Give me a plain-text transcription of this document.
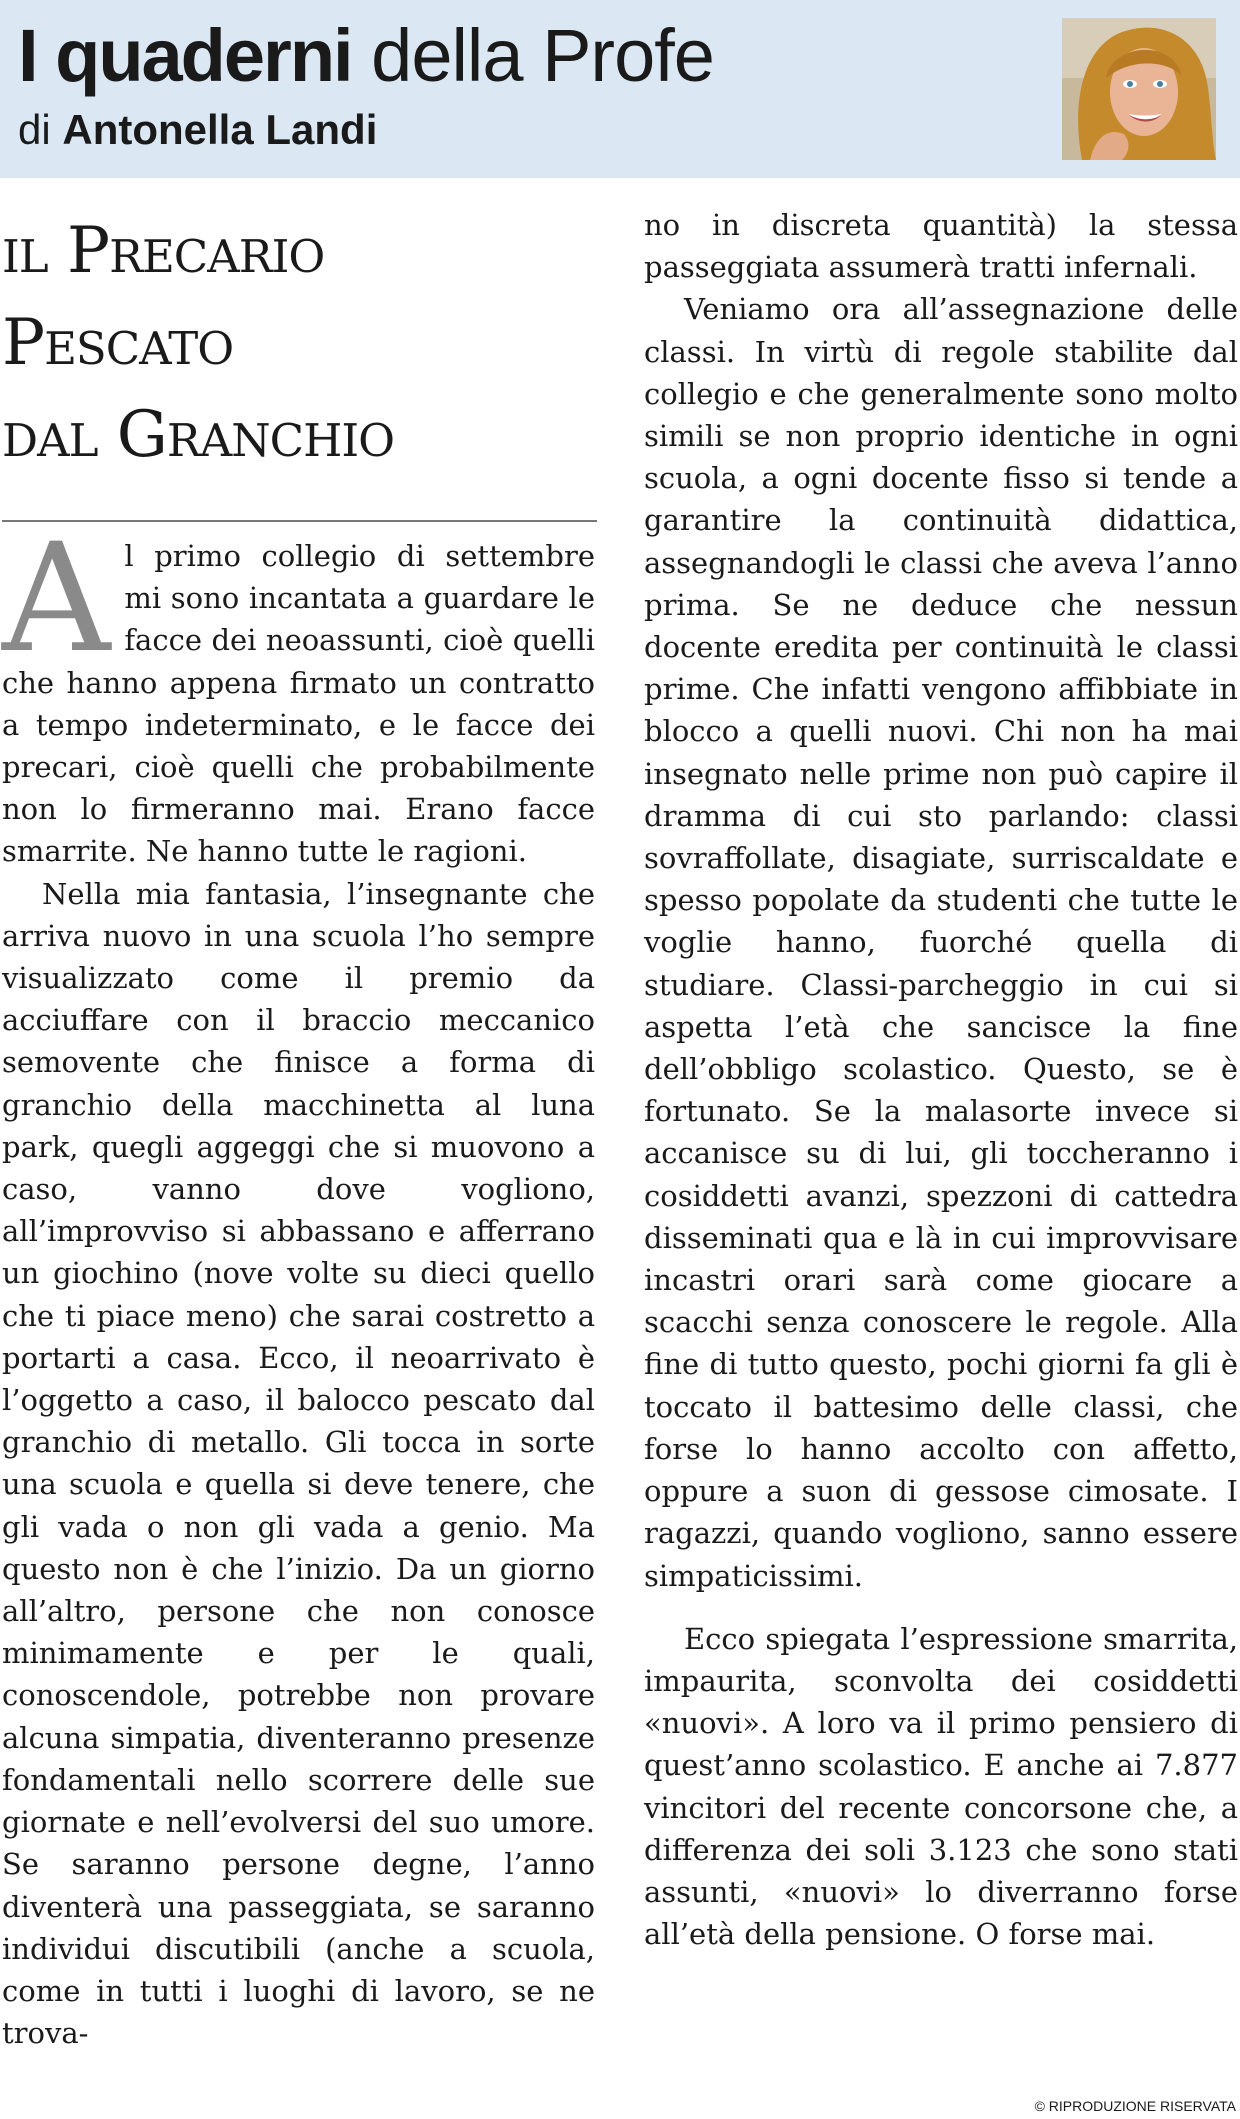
I quaderni della Profe

di Antonella Landi

il Precario
Pescato
dal Granchio

Al primo collegio di settembre mi sono incantata a guardare le facce dei neoassunti, cioè quelli che hanno appena firmato un contratto a tempo indeterminato, e le facce dei precari, cioè quelli che probabilmente non lo firmeranno mai. Erano facce smarrite. Ne hanno tutte le ragioni.

Nella mia fantasia, l’insegnante che arriva nuovo in una scuola l’ho sempre visualizzato come il premio da acciuffare con il braccio meccanico semovente che finisce a forma di granchio della macchinetta al luna park, quegli aggeggi che si muovono a caso, vanno dove vogliono, all’improvviso si abbassano e afferrano un giochino (nove volte su dieci quello che ti piace meno) che sarai costretto a portarti a casa. Ecco, il neoarrivato è l’oggetto a caso, il balocco pescato dal granchio di metallo. Gli tocca in sorte una scuola e quella si deve tenere, che gli vada o non gli vada a genio. Ma questo non è che l’inizio. Da un giorno all’altro, persone che non conosce minimamente e per le quali, conoscendole, potrebbe non provare alcuna simpatia, diventeranno presenze fondamentali nello scorrere delle sue giornate e nell’evolversi del suo umore. Se saranno persone degne, l’anno diventerà una passeggiata, se saranno individui discutibili (anche a scuola, come in tutti i luoghi di lavoro, se ne trova-

no in discreta quantità) la stessa passeggiata assumerà tratti infernali.

Veniamo ora all’assegnazione delle classi. In virtù di regole stabilite dal collegio e che generalmente sono molto simili se non proprio identiche in ogni scuola, a ogni docente fisso si tende a garantire la continuità didattica, assegnandogli le classi che aveva l’anno prima. Se ne deduce che nessun docente eredita per continuità le classi prime. Che infatti vengono affibbiate in blocco a quelli nuovi. Chi non ha mai insegnato nelle prime non può capire il dramma di cui sto parlando: classi sovraffollate, disagiate, surriscaldate e spesso popolate da studenti che tutte le voglie hanno, fuorché quella di studiare. Classi-parcheggio in cui si aspetta l’età che sancisce la fine dell’obbligo scolastico. Questo, se è fortunato. Se la malasorte invece si accanisce su di lui, gli toccheranno i cosiddetti avanzi, spezzoni di cattedra disseminati qua e là in cui improvvisare incastri orari sarà come giocare a scacchi senza conoscere le regole. Alla fine di tutto questo, pochi giorni fa gli è toccato il battesimo delle classi, che forse lo hanno accolto con affetto, oppure a suon di gessose cimosate. I ragazzi, quando vogliono, sanno essere simpaticissimi.

Ecco spiegata l’espressione smarrita, impaurita, sconvolta dei cosiddetti «nuovi». A loro va il primo pensiero di quest’anno scolastico. E anche ai 7.877 vincitori del recente concorsone che, a differenza dei soli 3.123 che sono stati assunti, «nuovi» lo diverranno forse all’età della pensione. O forse mai.

© RIPRODUZIONE RISERVATA
